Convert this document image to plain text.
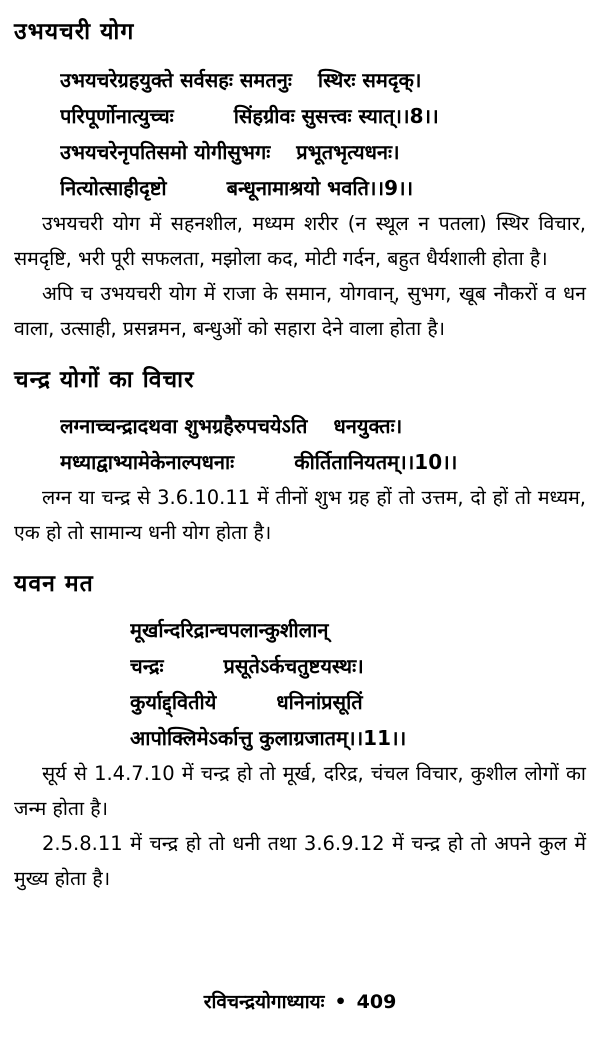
उभयचरी योग
उभयचरेग्रहयुक्ते सर्वसहः समतनुः स्थिरः समदृक्।
परिपूर्णोनात्युच्चः	सिंहग्रीवः सुसत्त्वः स्यात्।।8।।
उभयचरेनृपतिसमो योगीसुभगः प्रभूतभृत्यधनः।
नित्योत्साहीदृष्टो	बन्धूनामाश्रयो भवति।।9।।

उभयचरी योग में सहनशील, मध्यम शरीर (न स्थूल न पतला) स्थिर विचार, समदृष्टि, भरी पूरी सफलता, मझोला कद, मोटी गर्दन, बहुत धैर्यशाली होता है।

अपि च उभयचरी योग में राजा के समान, योगवान्, सुभग, खूब नौकरों व धन वाला, उत्साही, प्रसन्नमन, बन्धुओं को सहारा देने वाला होता है।

चन्द्र योगों का विचार
लग्नाच्चन्द्रादथवा शुभग्रहैरुपचयेऽति धनयुक्तः।
मध्याद्वाभ्यामेकेनाल्पधनाः	कीर्तितानियतम्।।10।।

लग्न या चन्द्र से 3.6.10.11 में तीनों शुभ ग्रह हों तो उत्तम, दो हों तो मध्यम, एक हो तो सामान्य धनी योग होता है।

यवन मत
मूर्खान्दरिद्रान्चपलान्कुशीलान्
चन्द्रः	प्रसूतेऽर्कचतुष्टयस्थः।
कुर्याद्द्वितीये	धनिनांप्रसूतिं
आपोक्लिमेऽर्कात्तु कुलाग्रजातम्।।11।।

सूर्य से 1.4.7.10 में चन्द्र हो तो मूर्ख, दरिद्र, चंचल विचार, कुशील लोगों का जन्म होता है।

2.5.8.11 में चन्द्र हो तो धनी तथा 3.6.9.12 में चन्द्र हो तो अपने कुल में मुख्य होता है।

रविचन्द्रयोगाध्यायः • 409
